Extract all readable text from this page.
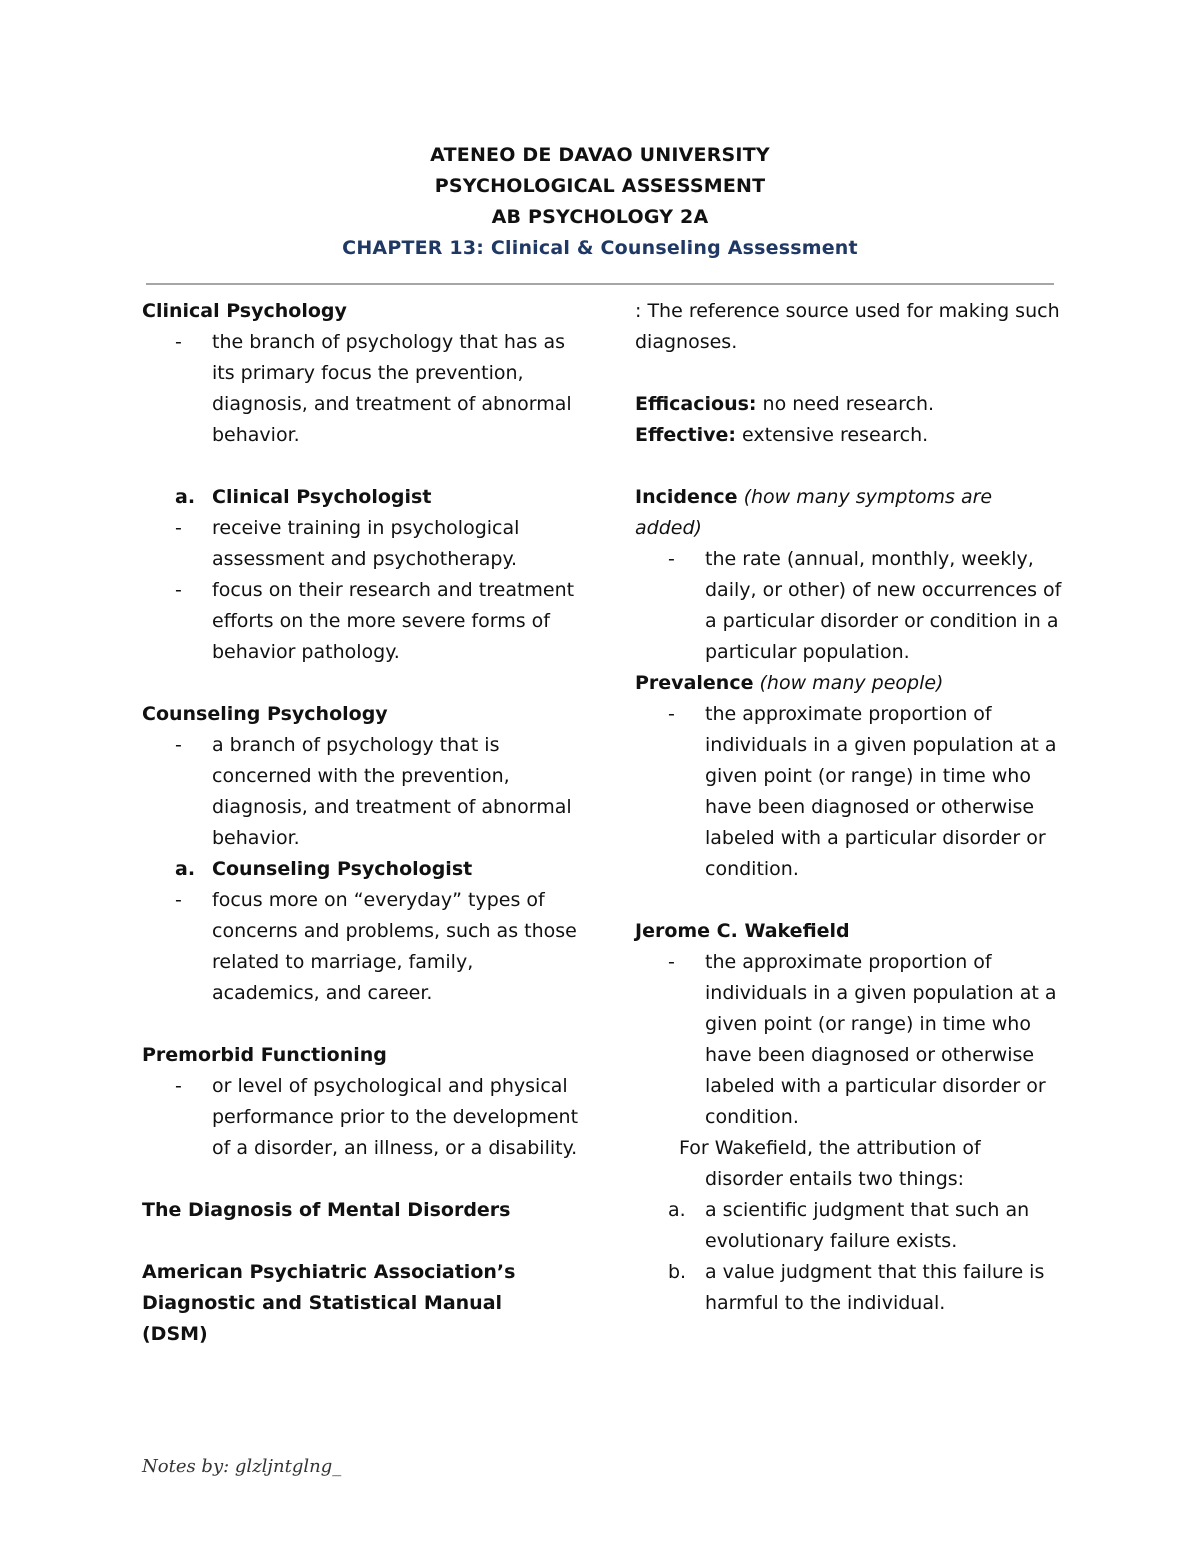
ATENEO DE DAVAO UNIVERSITY
PSYCHOLOGICAL ASSESSMENT
AB PSYCHOLOGY 2A
CHAPTER 13: Clinical & Counseling Assessment
Clinical Psychology
- the branch of psychology that has as its primary focus the prevention, diagnosis, and treatment of abnormal behavior.
a. Clinical Psychologist
- receive training in psychological assessment and psychotherapy.
- focus on their research and treatment efforts on the more severe forms of behavior pathology.
Counseling Psychology
- a branch of psychology that is concerned with the prevention, diagnosis, and treatment of abnormal behavior.
a. Counseling Psychologist
- focus more on “everyday” types of concerns and problems, such as those related to marriage, family, academics, and career.
Premorbid Functioning
- or level of psychological and physical performance prior to the development of a disorder, an illness, or a disability.
The Diagnosis of Mental Disorders
American Psychiatric Association’s Diagnostic and Statistical Manual (DSM)
: The reference source used for making such diagnoses.
Efficacious: no need research.
Effective: extensive research.
Incidence (how many symptoms are added)
- the rate (annual, monthly, weekly, daily, or other) of new occurrences of a particular disorder or condition in a particular population.
Prevalence (how many people)
- the approximate proportion of individuals in a given population at a given point (or range) in time who have been diagnosed or otherwise labeled with a particular disorder or condition.
Jerome C. Wakefield
- the approximate proportion of individuals in a given population at a given point (or range) in time who have been diagnosed or otherwise labeled with a particular disorder or condition.
For Wakefield, the attribution of
disorder entails two things:
a. a scientific judgment that such an evolutionary failure exists.
b. a value judgment that this failure is harmful to the individual.
Notes by: glzljntglng_
